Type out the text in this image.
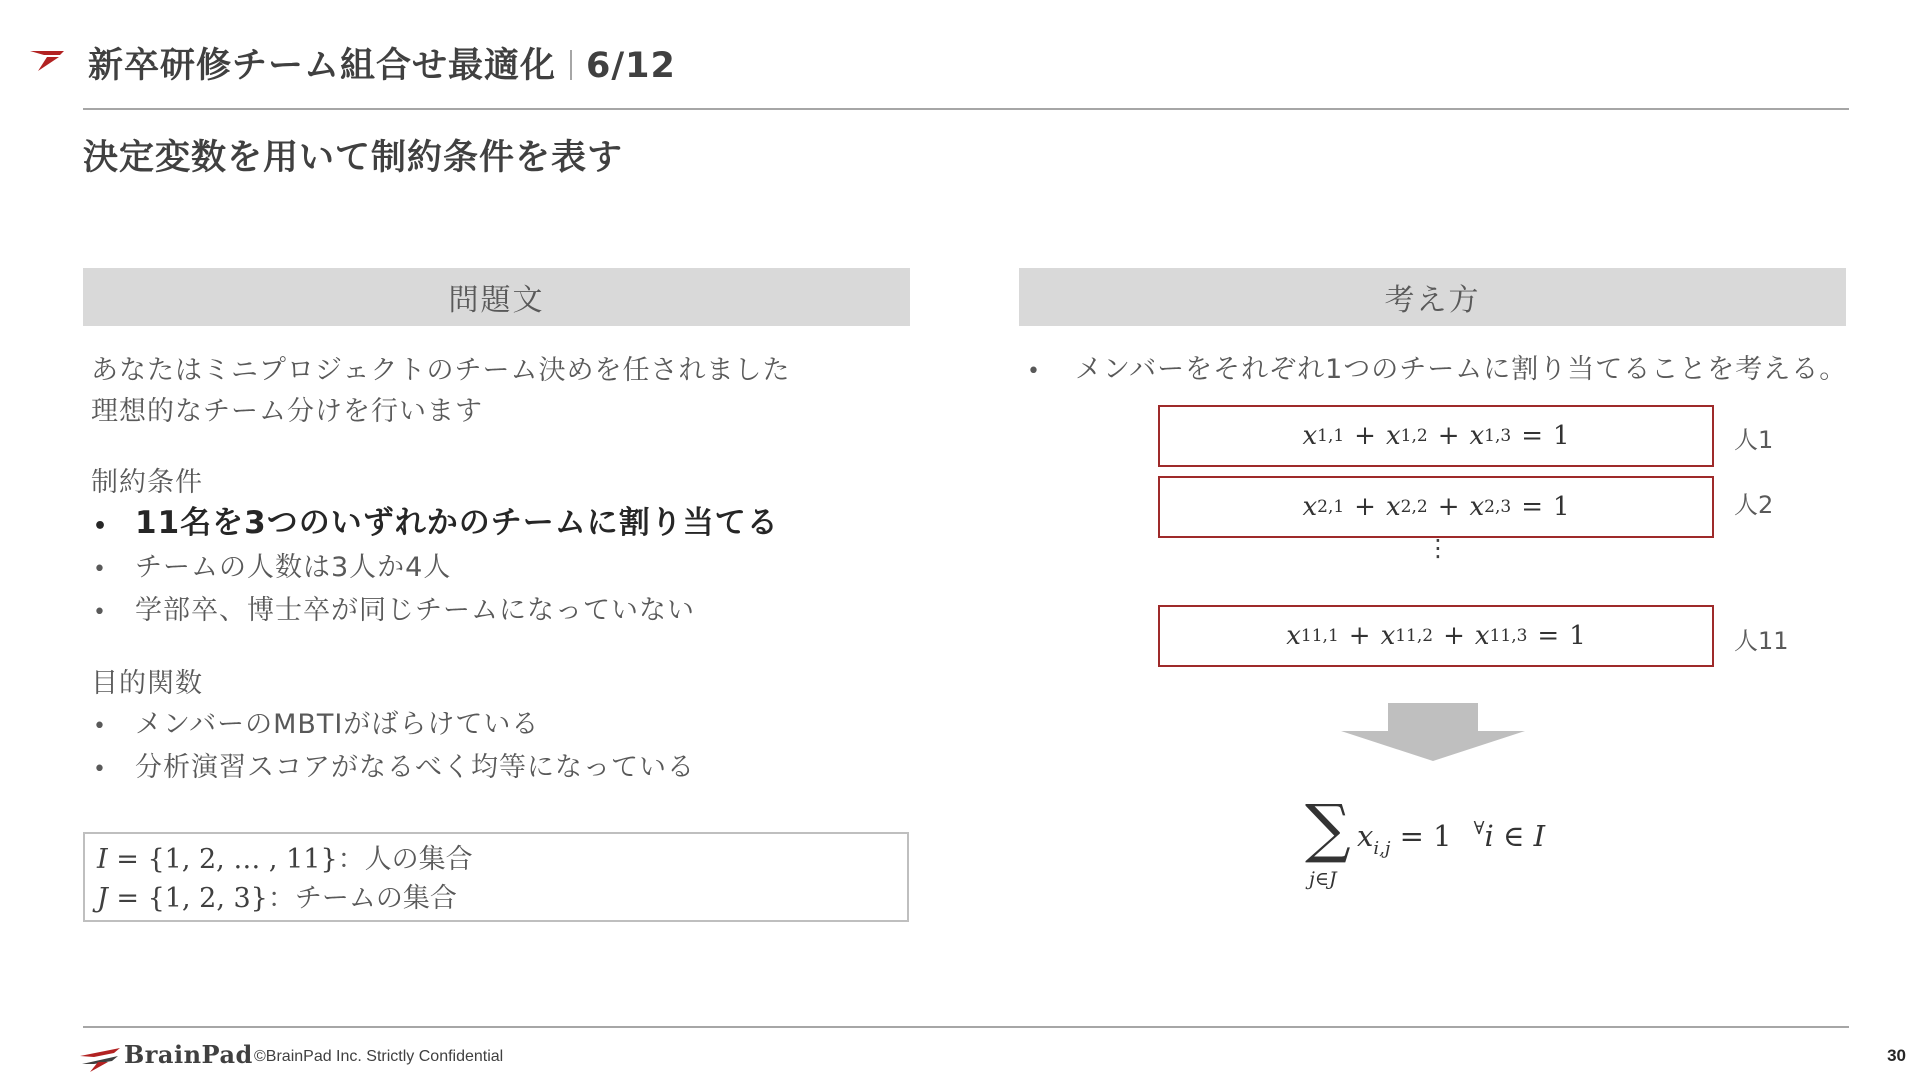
新卒研修チーム組合せ最適化 6/12
決定変数を用いて制約条件を表す
問題文
あなたはミニプロジェクトのチーム決めを任されました
理想的なチーム分けを行います
制約条件
• 11名を3つのいずれかのチームに割り当てる
•	チームの人数は3人か4人
•	学部卒、博士卒が同じチームになっていない
目的関数
•	メンバーのMBTIがばらけている
•	分析演習スコアがなるべく均等になっている
I = {1, 2, … , 11}：人の集合
J = {1, 2, 3}：チームの集合
考え方
•	メンバーをそれぞれ1つのチームに割り当てることを考える。
x 1,1 + x 1,2 + x 1,3 = 1	人1
x 2,1 + x 2,2 + x 2,3 = 1	人2
⋮
x 11,1 + x 11,2 + x 11,3 = 1	人11
∑
j∈J
$x_{i,j} = 1$ ∀i ∈ I
BrainPad ©BrainPad Inc. Strictly Confidential	30
